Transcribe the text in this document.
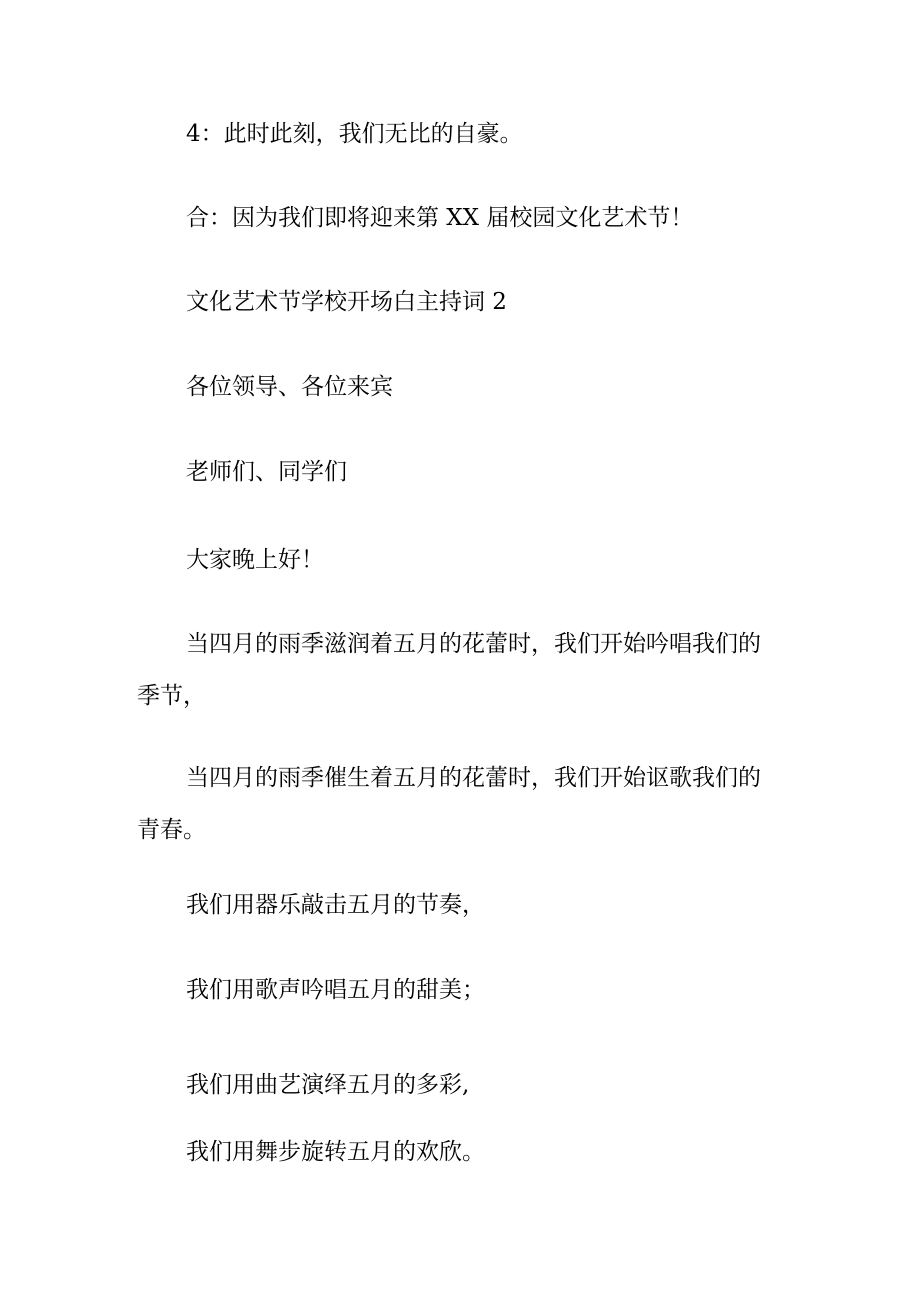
4：此时此刻，我们无比的自豪。
合：因为我们即将迎来第 XX 届校园文化艺术节！
文化艺术节学校开场白主持词 2
各位领导、各位来宾
老师们、同学们
大家晚上好！
当四月的雨季滋润着五月的花蕾时，我们开始吟唱我们的季节，
当四月的雨季催生着五月的花蕾时，我们开始讴歌我们的青春。
我们用器乐敲击五月的节奏，
我们用歌声吟唱五月的甜美；
我们用曲艺演绎五月的多彩,
我们用舞步旋转五月的欢欣。
